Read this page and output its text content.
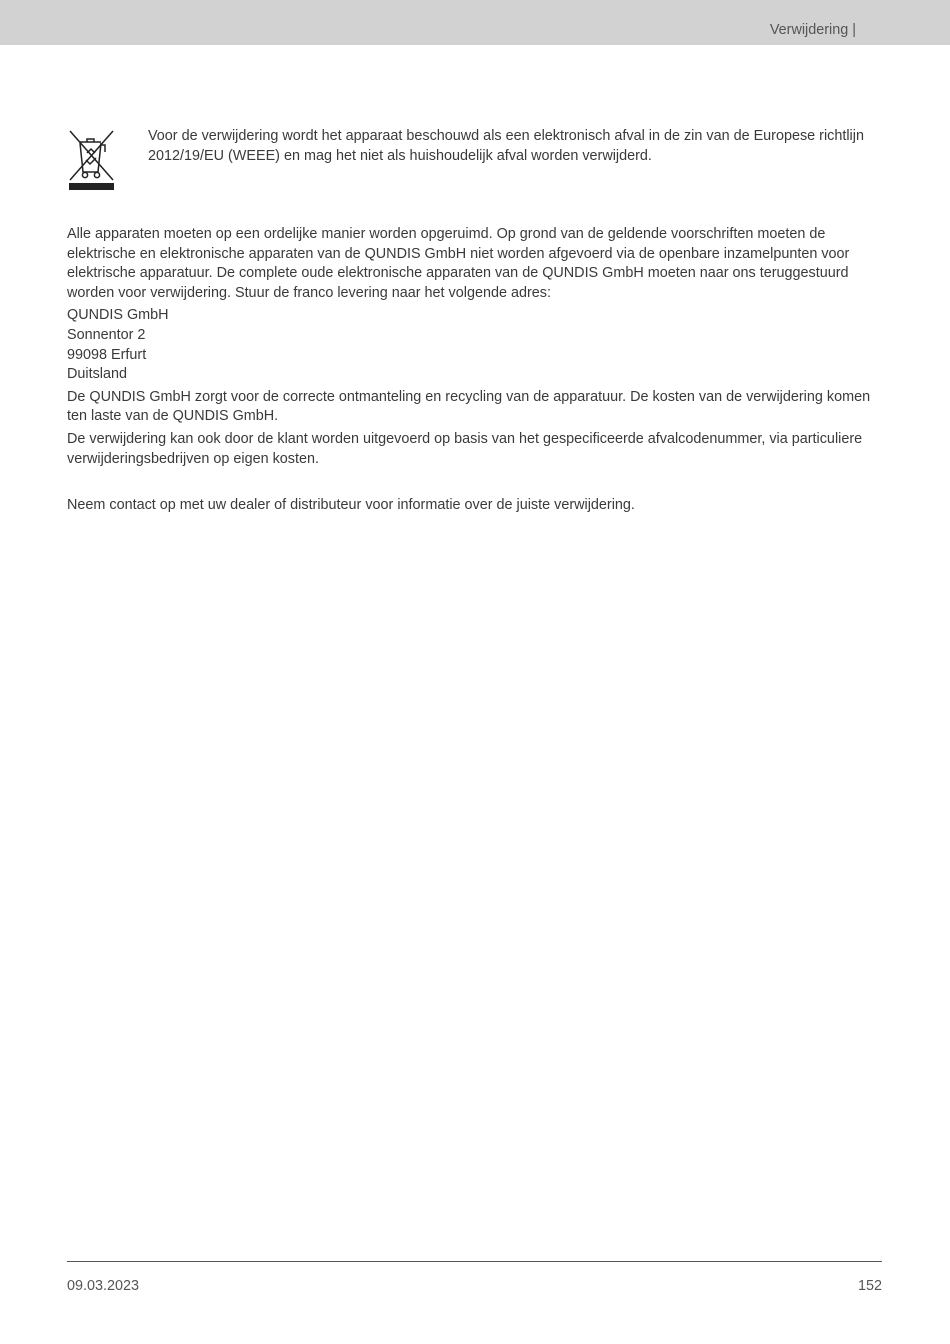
Verwijdering |

Voor de verwijdering wordt het apparaat beschouwd als een elektronisch afval in de zin van de Europese richtlijn 2012/19/EU (WEEE) en mag het niet als huishoudelijk afval worden verwijderd.

Alle apparaten moeten op een ordelijke manier worden opgeruimd. Op grond van de geldende voorschriften moeten de elektrische en elektronische apparaten van de QUNDIS GmbH niet worden afgevoerd via de openbare inzamelpunten voor elektrische apparatuur. De complete oude elektronische apparaten van de QUNDIS GmbH moeten naar ons teruggestuurd worden voor verwijdering. Stuur de franco levering naar het volgende adres:

QUNDIS GmbH
Sonnentor 2
99098 Erfurt
Duitsland

De QUNDIS GmbH zorgt voor de correcte ontmanteling en recycling van de apparatuur. De kosten van de verwijdering komen ten laste van de QUNDIS GmbH.

De verwijdering kan ook door de klant worden uitgevoerd op basis van het gespecificeerde afvalcodenummer, via particuliere verwijderingsbedrijven op eigen kosten.

Neem contact op met uw dealer of distributeur voor informatie over de juiste verwijdering.

09.03.2023	152
